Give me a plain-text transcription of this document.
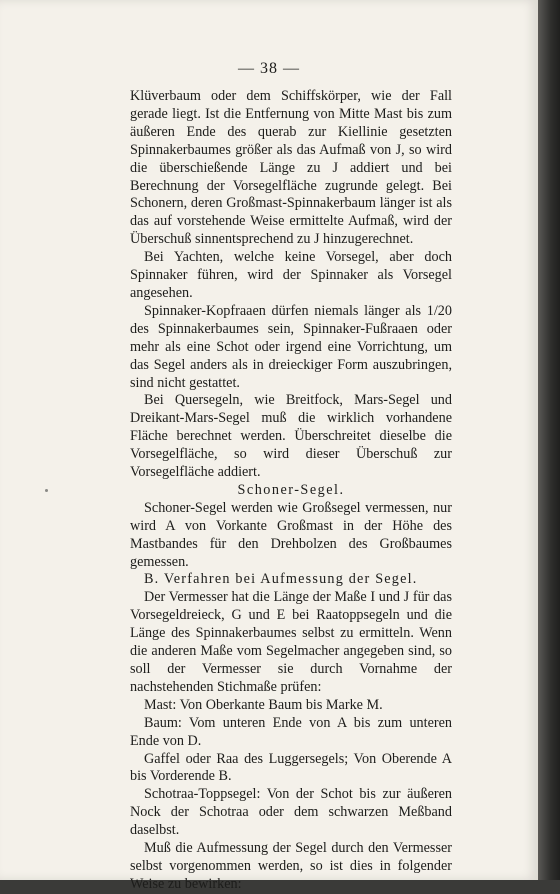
— 38 —

Klüverbaum oder dem Schiffskörper, wie der Fall gerade liegt. Ist die Entfernung von Mitte Mast bis zum äußeren Ende des querab zur Kiellinie gesetzten Spinnakerbaumes größer als das Aufmaß von J, so wird die überschießende Länge zu J addiert und bei Berechnung der Vorsegelfläche zugrunde gelegt. Bei Schonern, deren Großmast-Spinnakerbaum länger ist als das auf vorstehende Weise ermittelte Aufmaß, wird der Überschuß sinnentsprechend zu J hinzugerechnet.

Bei Yachten, welche keine Vorsegel, aber doch Spinnaker führen, wird der Spinnaker als Vorsegel angesehen.

Spinnaker-Kopfraaen dürfen niemals länger als 1/20 des Spinnakerbaumes sein, Spinnaker-Fußraaen oder mehr als eine Schot oder irgend eine Vorrichtung, um das Segel anders als in dreieckiger Form auszubringen, sind nicht gestattet.

Bei Quersegeln, wie Breitfock, Mars-Segel und Dreikant-Mars-Segel muß die wirklich vorhandene Fläche berechnet werden. Überschreitet dieselbe die Vorsegelfläche, so wird dieser Überschuß zur Vorsegelfläche addiert.

Schoner-Segel.

Schoner-Segel werden wie Großsegel vermessen, nur wird A von Vorkante Großmast in der Höhe des Mastbandes für den Drehbolzen des Großbaumes gemessen.

B. Verfahren bei Aufmessung der Segel.

Der Vermesser hat die Länge der Maße I und J für das Vorsegeldreieck, G und E bei Raatoppsegeln und die Länge des Spinnakerbaumes selbst zu ermitteln. Wenn die anderen Maße vom Segelmacher angegeben sind, so soll der Vermesser sie durch Vornahme der nachstehenden Stichmaße prüfen:

Mast: Von Oberkante Baum bis Marke M.

Baum: Vom unteren Ende von A bis zum unteren Ende von D.

Gaffel oder Raa des Luggersegels; Von Oberende A bis Vorderende B.

Schotraa-Toppsegel: Von der Schot bis zur äußeren Nock der Schotraa oder dem schwarzen Meßband daselbst.

Muß die Aufmessung der Segel durch den Vermesser selbst vorgenommen werden, so ist dies in folgender Weise zu bewirken:
